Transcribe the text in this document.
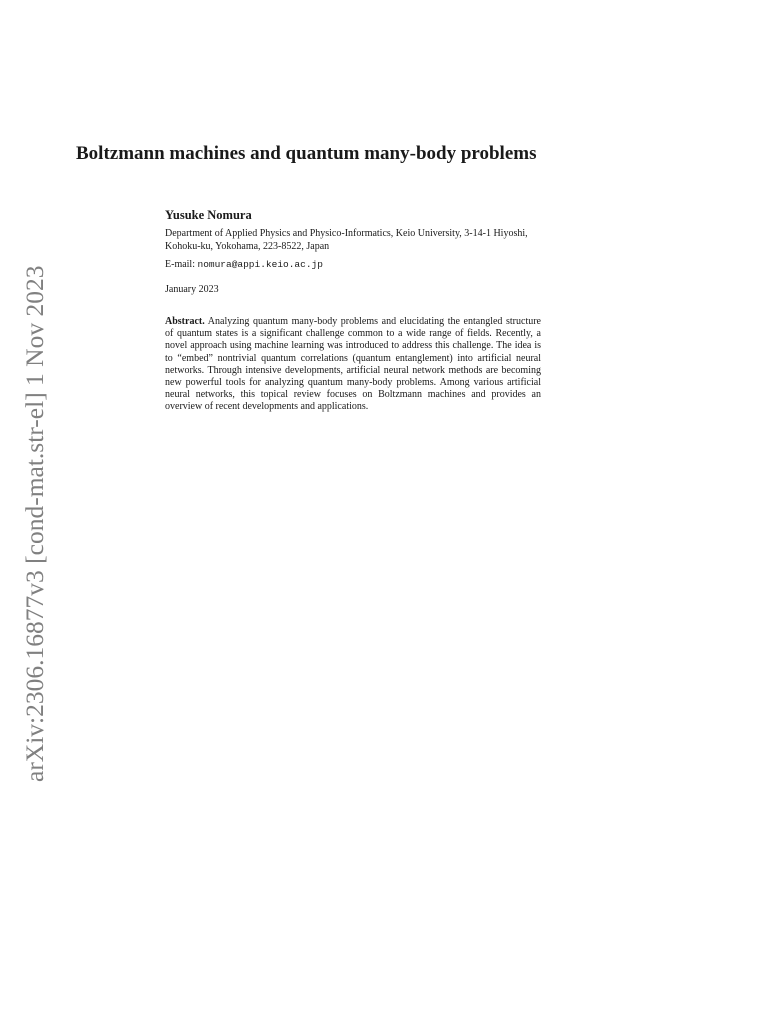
arXiv:2306.16877v3 [cond-mat.str-el] 1 Nov 2023
Boltzmann machines and quantum many-body problems
Yusuke Nomura
Department of Applied Physics and Physico-Informatics, Keio University, 3-14-1 Hiyoshi, Kohoku-ku, Yokohama, 223-8522, Japan
E-mail: nomura@appi.keio.ac.jp
January 2023
Abstract. Analyzing quantum many-body problems and elucidating the entangled structure of quantum states is a significant challenge common to a wide range of fields. Recently, a novel approach using machine learning was introduced to address this challenge. The idea is to “embed” nontrivial quantum correlations (quantum entanglement) into artificial neural networks. Through intensive developments, artificial neural network methods are becoming new powerful tools for analyzing quantum many-body problems. Among various artificial neural networks, this topical review focuses on Boltzmann machines and provides an overview of recent developments and applications.
